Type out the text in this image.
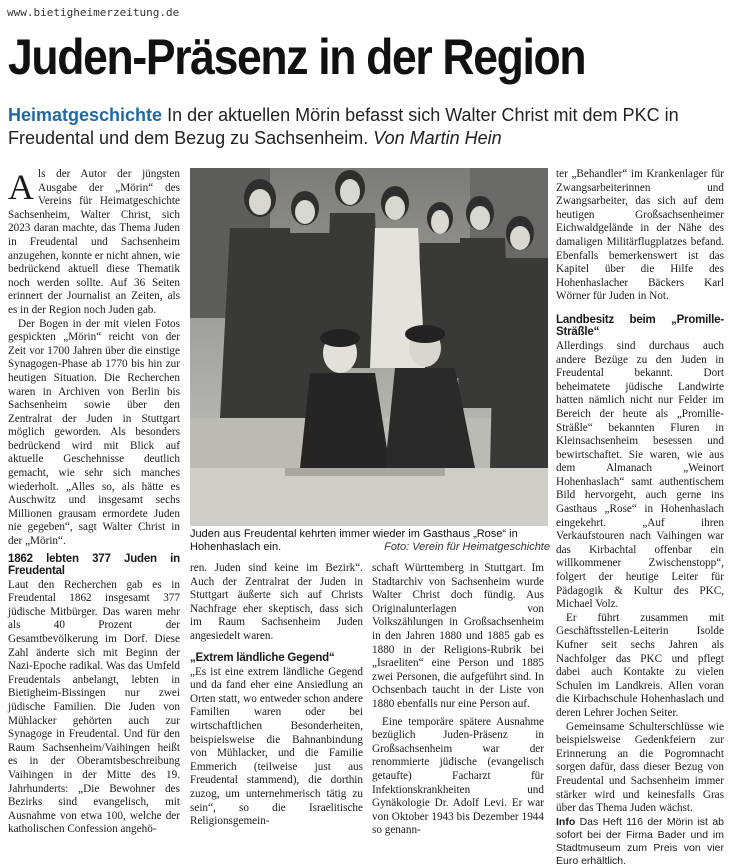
www.bietigheimerzeitung.de
Juden-Präsenz in der Region
Heimatgeschichte In der aktuellen Mörin befasst sich Walter Christ mit dem PKC in Freudental und dem Bezug zu Sachsenheim. Von Martin Hein

Als der Autor der jüngsten Ausgabe der „Mörin“ des Vereins für Heimatgeschichte Sachsenheim, Walter Christ, sich 2023 daran machte, das Thema Juden in Freudental und Sachsenheim anzugehen, konnte er nicht ahnen, wie bedrückend aktuell diese Thematik noch werden sollte. Auf 36 Seiten erinnert der Journalist an Zeiten, als es in der Region noch Juden gab.

Der Bogen in der mit vielen Fotos gespickten „Mörin“ reicht von der Zeit vor 1700 Jahren über die einstige Synagogen-Phase ab 1770 bis hin zur heutigen Situation. Die Recherchen waren in Archiven von Berlin bis Sachsenheim sowie über den Zentralrat der Juden in Stuttgart möglich geworden. Als besonders bedrückend wird mit Blick auf aktuelle Geschehnisse deutlich gemacht, wie sehr sich manches wiederholt. „Alles so, als hätte es Auschwitz und insgesamt sechs Millionen grausam ermordete Juden nie gegeben“, sagt Walter Christ in der „Mörin“.

1862 lebten 377 Juden in Freudental

Laut den Recherchen gab es in Freudental 1862 insgesamt 377 jüdische Mitbürger. Das waren mehr als 40 Prozent der Gesamtbevölkerung im Dorf. Diese Zahl änderte sich mit Beginn der Nazi-Epoche radikal. Was das Umfeld Freudentals anbelangt, lebten in Bietigheim-Bissingen nur zwei jüdische Familien. Die Juden von Mühlacker gehörten auch zur Synagoge in Freudental. Und für den Raum Sachsenheim/Vaihingen heißt es in der Oberamtsbeschreibung Vaihingen in der Mitte des 19. Jahrhunderts: „Die Bewohner des Bezirks sind evangelisch, mit Ausnahme von etwa 100, welche der katholischen Confession angehö-

Juden aus Freudental kehrten immer wieder im Gasthaus „Rose“ in Hohenhaslach ein.	Foto: Verein für Heimatgeschichte

ren. Juden sind keine im Bezirk“. Auch der Zentralrat der Juden in Stuttgart äußerte sich auf Christs Nachfrage eher skeptisch, dass sich im Raum Sachsenheim Juden angesiedelt waren.

„Extrem ländliche Gegend“

„Es ist eine extrem ländliche Gegend und da fand eher eine Ansiedlung an Orten statt, wo entweder schon andere Familien waren oder bei wirtschaftlichen Besonderheiten, beispielsweise die Bahnanbindung von Mühlacker, und die Familie Emmerich (teilweise just aus Freudental stammend), die dorthin zuzog, um unternehmerisch tätig zu sein“, so die Israelitische Religionsgemein-

schaft Württemberg in Stuttgart. Im Stadtarchiv von Sachsenheim wurde Walter Christ doch fündig. Aus Originalunterlagen von Volkszählungen in Großsachsenheim in den Jahren 1880 und 1885 gab es 1880 in der Religions-Rubrik bei „Israeliten“ eine Person und 1885 zwei Personen, die aufgeführt sind. In Ochsenbach taucht in der Liste von 1880 ebenfalls nur eine Person auf.

Eine temporäre spätere Ausnahme bezüglich Juden-Präsenz in Großsachsenheim war der renommierte jüdische (evangelisch getaufte) Facharzt für Infektionskrankheiten und Gynäkologie Dr. Adolf Levi. Er war von Oktober 1943 bis Dezember 1944 so genann-

ter „Behandler“ im Krankenlager für Zwangsarbeiterinnen und Zwangsarbeiter, das sich auf dem heutigen Großsachsenheimer Eichwaldgelände in der Nähe des damaligen Militärflugplatzes befand. Ebenfalls bemerkenswert ist das Kapitel über die Hilfe des Hohenhaslacher Bäckers Karl Wörner für Juden in Not.

Landbesitz beim „Promille-Sträßle“

Allerdings sind durchaus auch andere Bezüge zu den Juden in Freudental bekannt. Dort beheimatete jüdische Landwirte hatten nämlich nicht nur Felder im Bereich der heute als „Promille-Sträßle“ bekannten Fluren in Kleinsachsenheim besessen und bewirtschaftet. Sie waren, wie aus dem Almanach „Weinort Hohenhaslach“ samt authentischem Bild hervorgeht, auch gerne ins Gasthaus „Rose“ in Hohenhaslach eingekehrt. „Auf ihren Verkaufstouren nach Vaihingen war das Kirbachtal offenbar ein willkommener Zwischenstopp“, folgert der heutige Leiter für Pädagogik & Kultur des PKC, Michael Volz.

Er führt zusammen mit Geschäftsstellen-Leiterin Isolde Kufner seit sechs Jahren als Nachfolger das PKC und pflegt dabei auch Kontakte zu vielen Schulen im Landkreis. Allen voran die Kirbachschule Hohenhaslach und deren Lehrer Jochen Seiter.

Gemeinsame Schulterschlüsse wie beispielsweise Gedenkfeiern zur Erinnerung an die Pogromnacht sorgen dafür, dass dieser Bezug von Freudental und Sachsenheim immer stärker wird und keinesfalls Gras über das Thema Juden wächst.

Info Das Heft 116 der Mörin ist ab sofort bei der Firma Bader und im Stadtmuseum zum Preis von vier Euro erhältlich.
